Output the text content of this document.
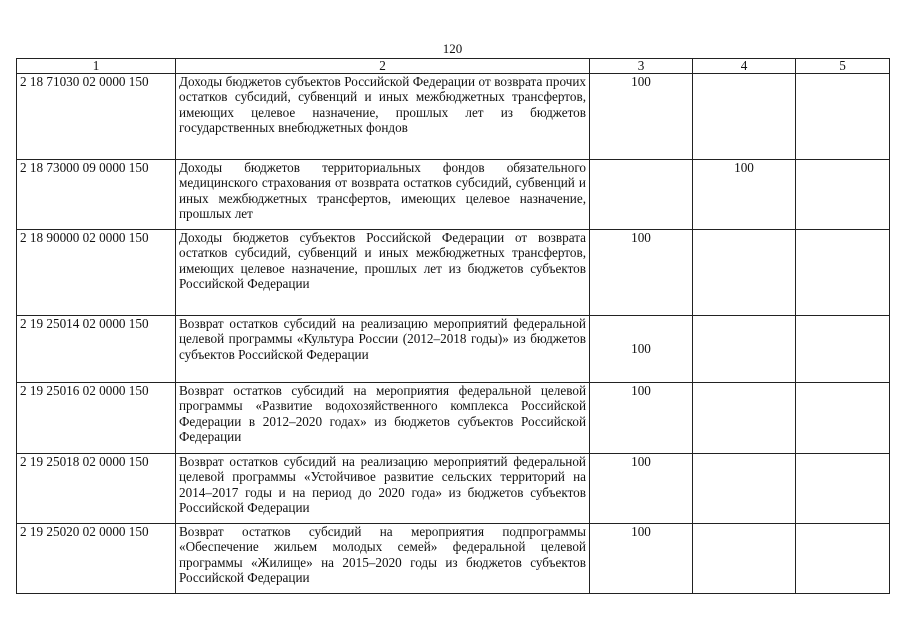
120
1	2	3	4	5
2 18 71030 02 0000 150	Доходы бюджетов субъектов Российской Федерации от возврата прочих остатков субсидий, субвенций и иных межбюджетных трансфертов, имеющих целевое назначение, прошлых лет из бюджетов государственных внебюджетных фондов	100		
2 18 73000 09 0000 150	Доходы бюджетов территориальных фондов обязательного медицинского страхования от возврата остатков субсидий, субвенций и иных межбюджетных трансфертов, имеющих целевое назначение, прошлых лет		100	
2 18 90000 02 0000 150	Доходы бюджетов субъектов Российской Федерации от возврата остатков субсидий, субвенций и иных межбюджетных трансфертов, имеющих целевое назначение, прошлых лет из бюджетов субъектов Российской Федерации	100		
2 19 25014 02 0000 150	Возврат остатков субсидий на реализацию мероприятий федеральной целевой программы «Культура России (2012–2018 годы)» из бюджетов субъектов Российской Федерации	100		
2 19 25016 02 0000 150	Возврат остатков субсидий на мероприятия федеральной целевой программы «Развитие водохозяйственного комплекса Российской Федерации в 2012–2020 годах» из бюджетов субъектов Российской Федерации	100		
2 19 25018 02 0000 150	Возврат остатков субсидий на реализацию мероприятий федеральной целевой программы «Устойчивое развитие сельских территорий на 2014–2017 годы и на период до 2020 года» из бюджетов субъектов Российской Федерации	100		
2 19 25020 02 0000 150	Возврат остатков субсидий на мероприятия подпрограммы «Обеспечение жильем молодых семей» федеральной целевой программы «Жилище» на 2015–2020 годы из бюджетов субъектов Российской Федерации	100		
